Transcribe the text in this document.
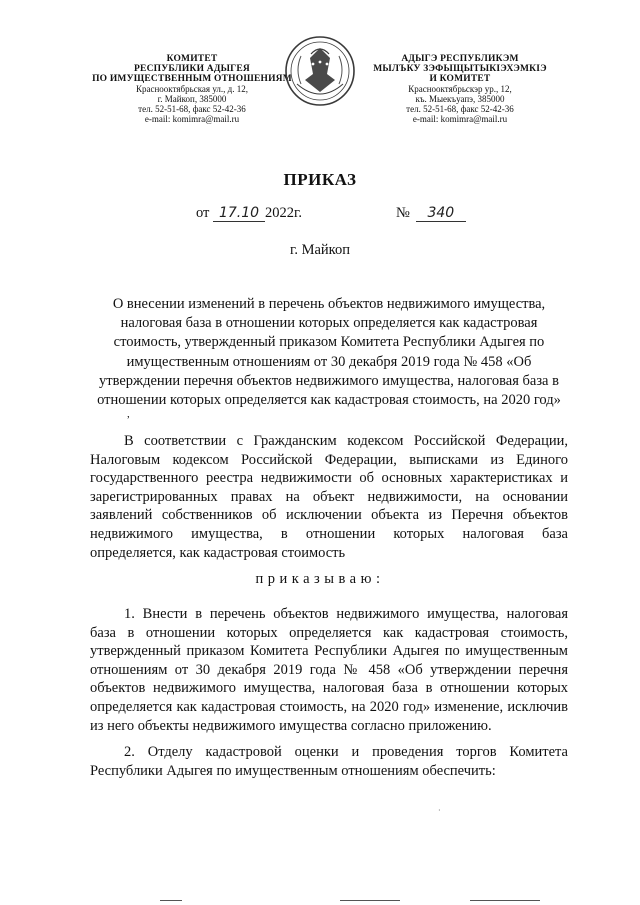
КОМИТЕТ
РЕСПУБЛИКИ АДЫГЕЯ
ПО ИМУЩЕСТВЕННЫМ ОТНОШЕНИЯМ
Краснооктябрьская ул., д. 12,
г. Майкоп, 385000
тел. 52-51-68, факс 52-42-36
e-mail: komimra@mail.ru
АДЫГЭ РЕСПУБЛИКЭМ
МЫЛЪКУ ЗЭФЫЩЫТЫКІЭХЭМКІЭ
И КОМИТЕТ
Краснооктябрьскэр ур., 12,
къ. Мыекъуапэ, 385000
тел. 52-51-68, факс 52-42-36
e-mail: komimra@mail.ru
ПРИКАЗ
от 17.10 2022г.	№ 340
г. Майкоп
О внесении изменений в перечень объектов недвижимого имущества, налоговая база в отношении которых определяется как кадастровая стоимость, утвержденный приказом Комитета Республики Адыгея по имущественным отношениям от 30 декабря 2019 года № 458 «Об утверждении перечня объектов недвижимого имущества, налоговая база в отношении которых определяется как кадастровая стоимость, на 2020 год»
,
В соответствии с Гражданским кодексом Российской Федерации, Налоговым кодексом Российской Федерации, выписками из Единого государственного реестра недвижимости об основных характеристиках и зарегистрированных правах на объект недвижимости, на основании заявлений собственников об исключении объекта из Перечня объектов недвижимого имущества, в отношении которых налоговая база определяется, как кадастровая стоимость
приказываю:
1. Внести в перечень объектов недвижимого имущества, налоговая база в отношении которых определяется как кадастровая стоимость, утвержденный приказом Комитета Республики Адыгея по имущественным отношениям от 30 декабря 2019 года № 458 «Об утверждении перечня объектов недвижимого имущества, налоговая база в отношении которых определяется как кадастровая стоимость, на 2020 год» изменение, исключив из него объекты недвижимого имущества согласно приложению.
2. Отделу кадастровой оценки и проведения торгов Комитета Республики Адыгея по имущественным отношениям обеспечить:
·
